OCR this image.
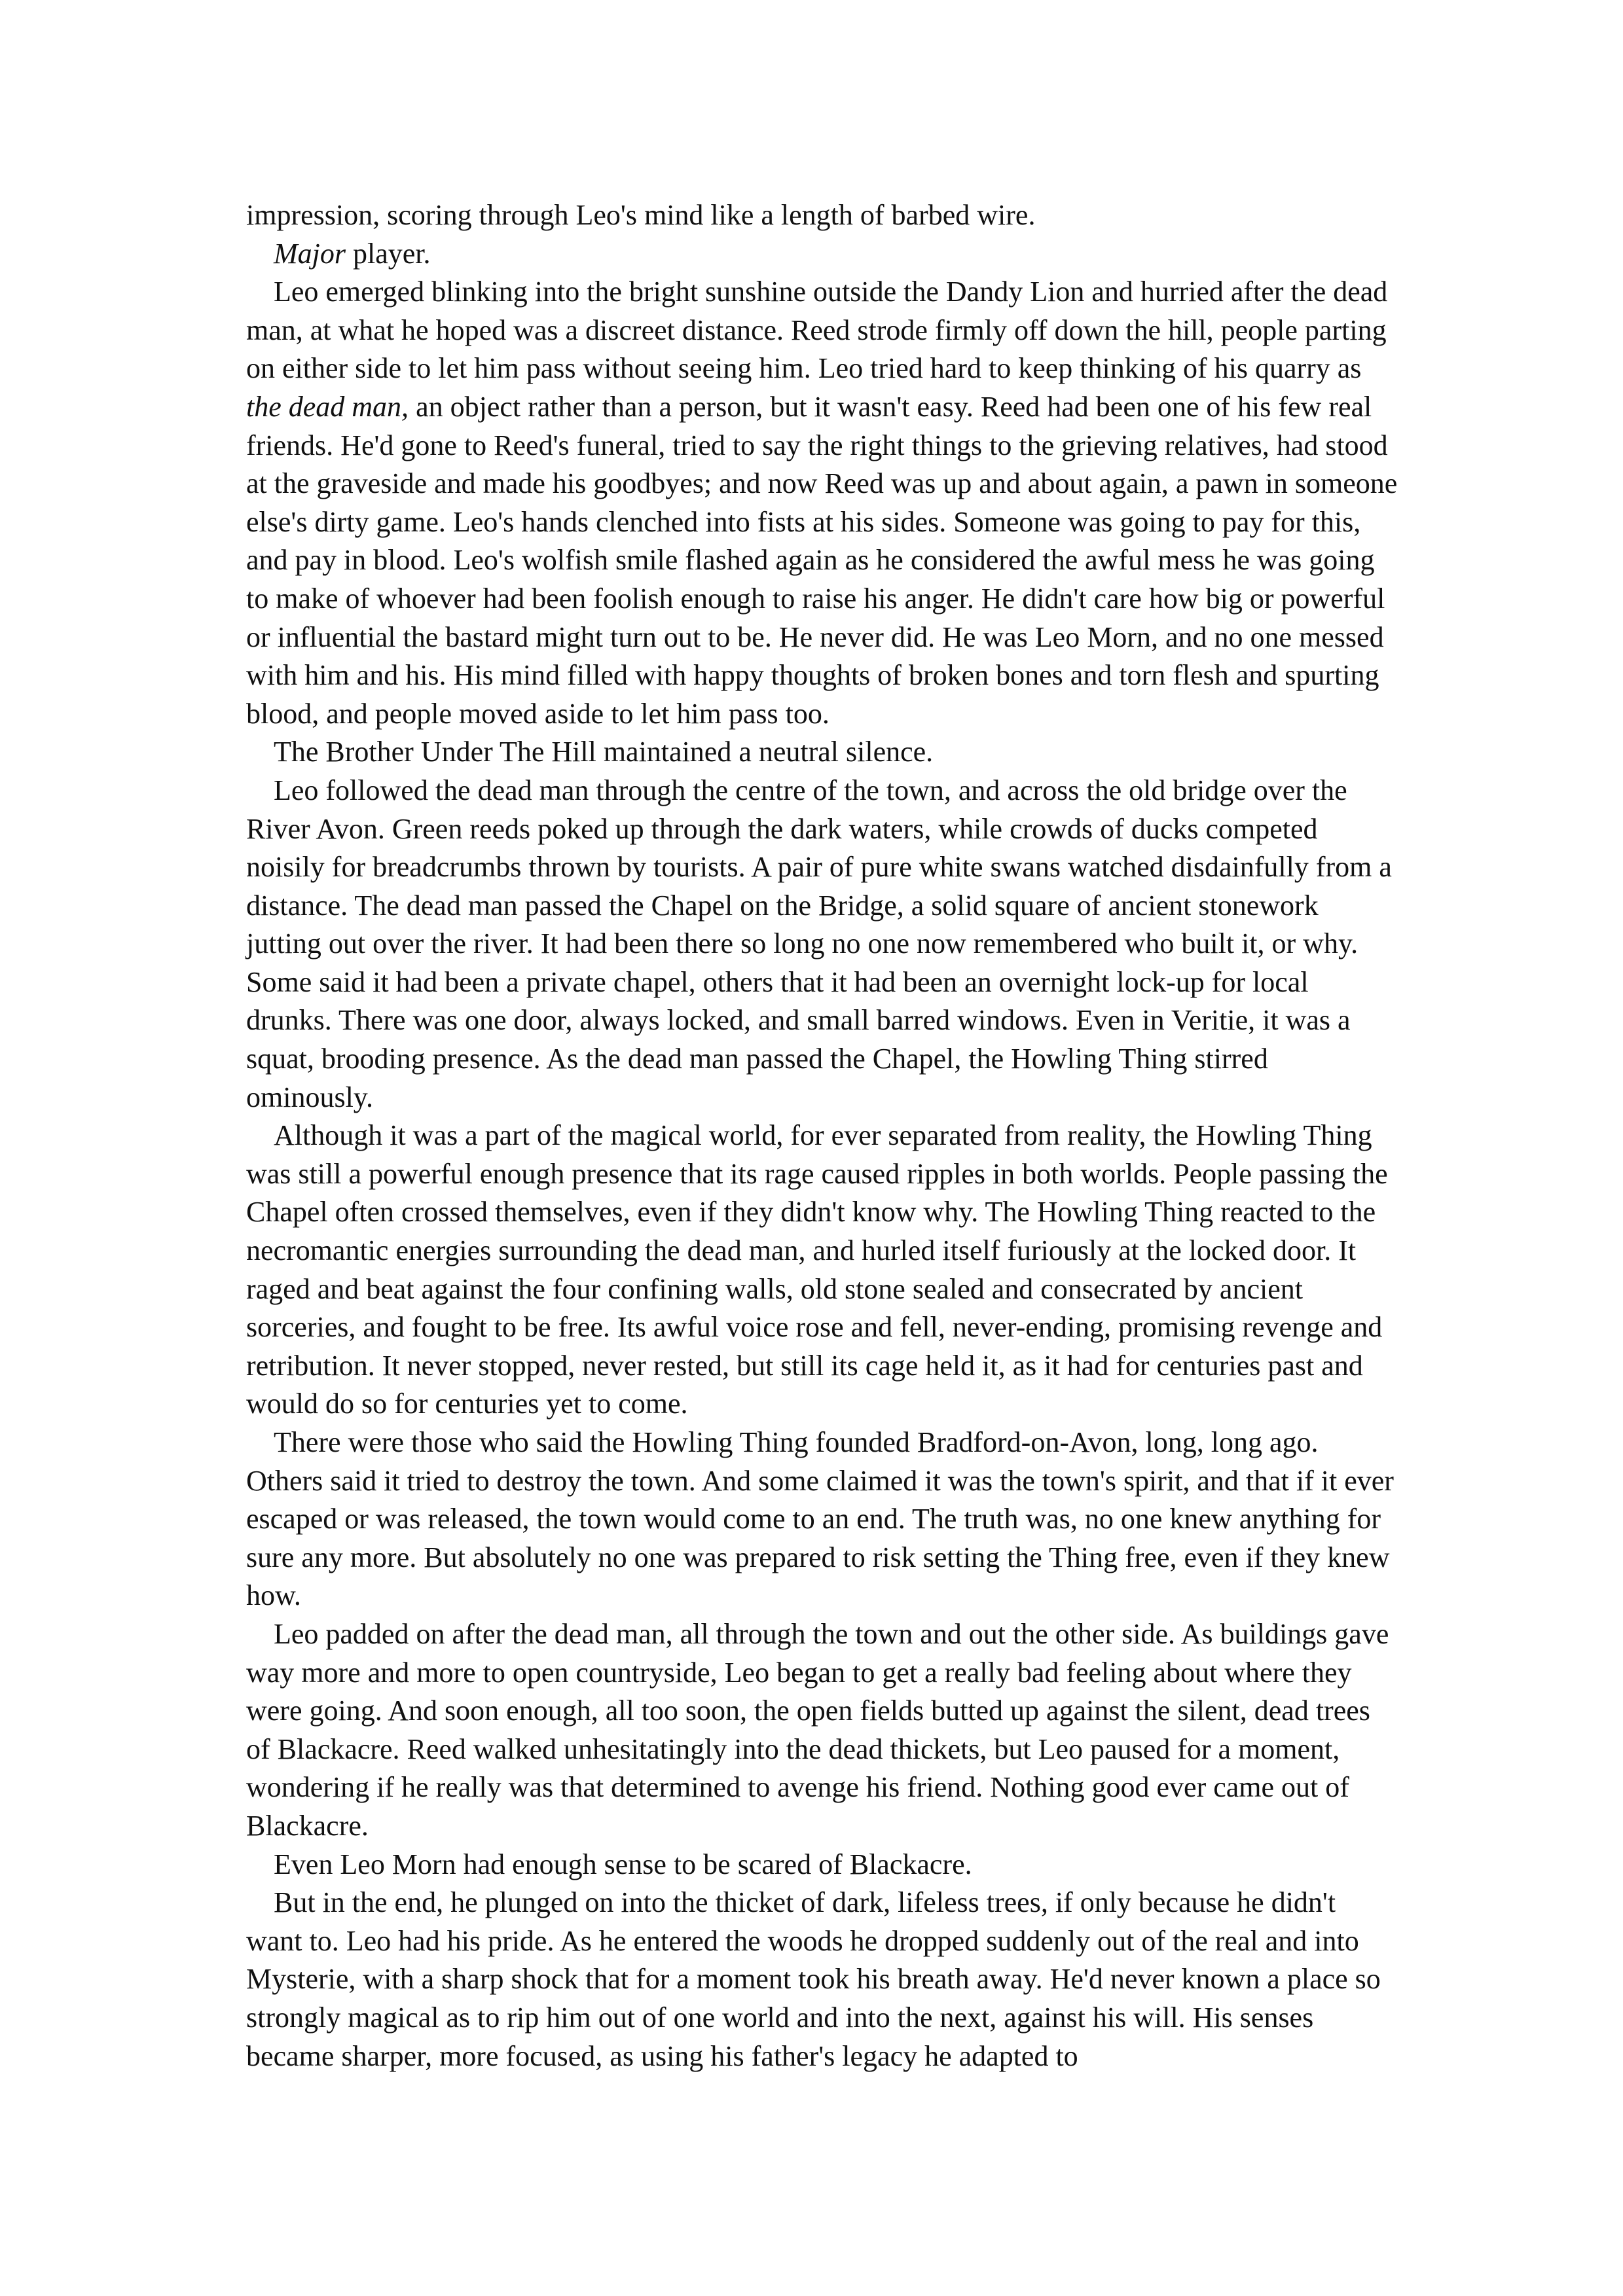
impression, scoring through Leo's mind like a length of barbed wire.

Major player.

Leo emerged blinking into the bright sunshine outside the Dandy Lion and hurried after the dead man, at what he hoped was a discreet distance. Reed strode firmly off down the hill, people parting on either side to let him pass without seeing him. Leo tried hard to keep thinking of his quarry as the dead man, an object rather than a person, but it wasn't easy. Reed had been one of his few real friends. He'd gone to Reed's funeral, tried to say the right things to the grieving relatives, had stood at the graveside and made his goodbyes; and now Reed was up and about again, a pawn in someone else's dirty game. Leo's hands clenched into fists at his sides. Someone was going to pay for this, and pay in blood. Leo's wolfish smile flashed again as he considered the awful mess he was going to make of whoever had been foolish enough to raise his anger. He didn't care how big or powerful or influential the bastard might turn out to be. He never did. He was Leo Morn, and no one messed with him and his. His mind filled with happy thoughts of broken bones and torn flesh and spurting blood, and people moved aside to let him pass too.

The Brother Under The Hill maintained a neutral silence.

Leo followed the dead man through the centre of the town, and across the old bridge over the River Avon. Green reeds poked up through the dark waters, while crowds of ducks competed noisily for breadcrumbs thrown by tourists. A pair of pure white swans watched disdainfully from a distance. The dead man passed the Chapel on the Bridge, a solid square of ancient stonework jutting out over the river. It had been there so long no one now remembered who built it, or why. Some said it had been a private chapel, others that it had been an overnight lock-up for local drunks. There was one door, always locked, and small barred windows. Even in Veritie, it was a squat, brooding presence. As the dead man passed the Chapel, the Howling Thing stirred ominously.

Although it was a part of the magical world, for ever separated from reality, the Howling Thing was still a powerful enough presence that its rage caused ripples in both worlds. People passing the Chapel often crossed themselves, even if they didn't know why. The Howling Thing reacted to the necromantic energies surrounding the dead man, and hurled itself furiously at the locked door. It raged and beat against the four confining walls, old stone sealed and consecrated by ancient sorceries, and fought to be free. Its awful voice rose and fell, never-ending, promising revenge and retribution. It never stopped, never rested, but still its cage held it, as it had for centuries past and would do so for centuries yet to come.

There were those who said the Howling Thing founded Bradford-on-Avon, long, long ago. Others said it tried to destroy the town. And some claimed it was the town's spirit, and that if it ever escaped or was released, the town would come to an end. The truth was, no one knew anything for sure any more. But absolutely no one was prepared to risk setting the Thing free, even if they knew how.

Leo padded on after the dead man, all through the town and out the other side. As buildings gave way more and more to open countryside, Leo began to get a really bad feeling about where they were going. And soon enough, all too soon, the open fields butted up against the silent, dead trees of Blackacre. Reed walked unhesitatingly into the dead thickets, but Leo paused for a moment, wondering if he really was that determined to avenge his friend. Nothing good ever came out of Blackacre.

Even Leo Morn had enough sense to be scared of Blackacre.

But in the end, he plunged on into the thicket of dark, lifeless trees, if only because he didn't want to. Leo had his pride. As he entered the woods he dropped suddenly out of the real and into Mysterie, with a sharp shock that for a moment took his breath away. He'd never known a place so strongly magical as to rip him out of one world and into the next, against his will. His senses became sharper, more focused, as using his father's legacy he adapted to
